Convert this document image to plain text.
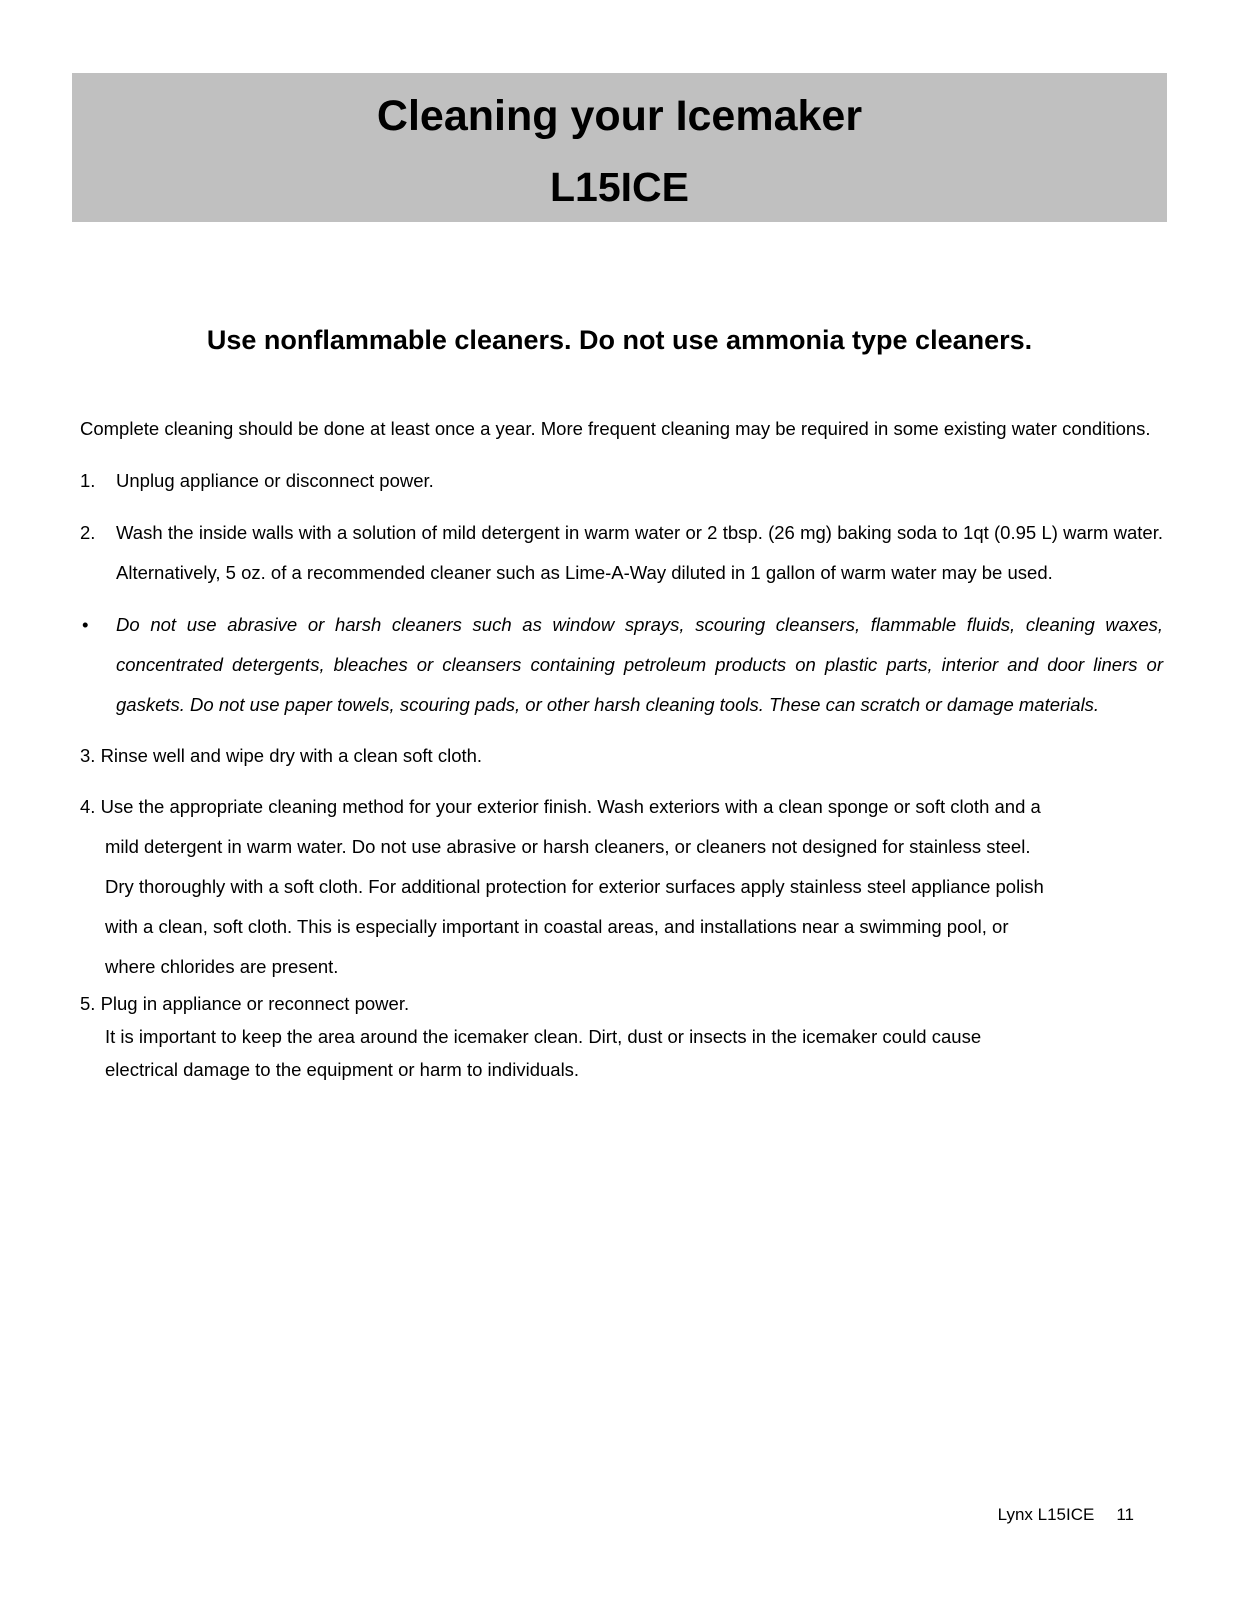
Cleaning your Icemaker
L15ICE
Use nonflammable cleaners. Do not use ammonia type cleaners.

Complete cleaning should be done at least once a year. More frequent cleaning may be required in some existing water conditions.

1. Unplug appliance or disconnect power.
2. Wash the inside walls with a solution of mild detergent in warm water or 2 tbsp. (26 mg) baking soda to 1qt (0.95 L) warm water. Alternatively, 5 oz. of a recommended cleaner such as Lime-A-Way diluted in 1 gallon of warm water may be used.
• Do not use abrasive or harsh cleaners such as window sprays, scouring cleansers, flammable fluids, cleaning waxes, concentrated detergents, bleaches or cleansers containing petroleum products on plastic parts, interior and door liners or gaskets. Do not use paper towels, scouring pads, or other harsh cleaning tools. These can scratch or damage materials.
3. Rinse well and wipe dry with a clean soft cloth.
4. Use the appropriate cleaning method for your exterior finish. Wash exteriors with a clean sponge or soft cloth and a
mild detergent in warm water. Do not use abrasive or harsh cleaners, or cleaners not designed for stainless steel.
Dry thoroughly with a soft cloth. For additional protection for exterior surfaces apply stainless steel appliance polish
with a clean, soft cloth. This is especially important in coastal areas, and installations near a swimming pool, or
where chlorides are present.
5. Plug in appliance or reconnect power.
It is important to keep the area around the icemaker clean. Dirt, dust or insects in the icemaker could cause
electrical damage to the equipment or harm to individuals.
Lynx L15ICE 11
